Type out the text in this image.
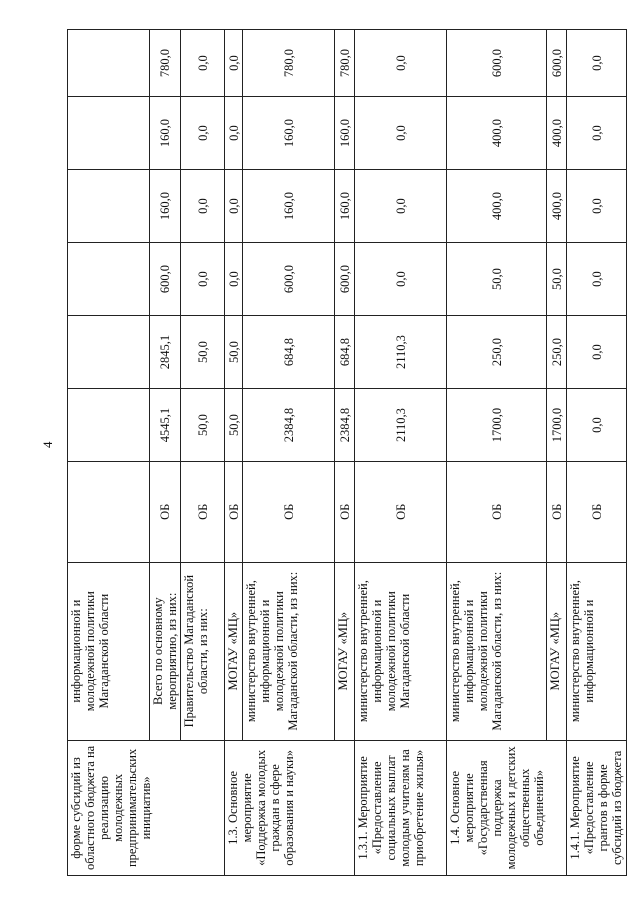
4
форме субсидий из областного бюджета на реализацию молодежных предпринимательских инициатив»	информационной и молодежной политики Магаданской области							
	Всего по основному мероприятию, из них:	ОБ	4545,1	2845,1	600,0	160,0	160,0	780,0
	Правительство Магаданской области, из них:	ОБ	50,0	50,0	0,0	0,0	0,0	0,0
1.3. Основное мероприятие «Поддержка молодых граждан в сфере образования и науки»	МОГАУ «МЦ»	ОБ	50,0	50,0	0,0	0,0	0,0	0,0
	министерство внутренней, информационной и молодежной политики Магаданской области, из них:	ОБ	2384,8	684,8	600,0	160,0	160,0	780,0
	МОГАУ «МЦ»	ОБ	2384,8	684,8	600,0	160,0	160,0	780,0
1.3.1. Мероприятие «Предоставление социальных выплат молодым учителям на приобретение жилья»	министерство внутренней, информационной и молодежной политики Магаданской области	ОБ	2110,3	2110,3	0,0	0,0	0,0	0,0
1.4. Основное мероприятие «Государственная поддержка молодежных и детских общественных объединений»	министерство внутренней, информационной и молодежной политики Магаданской области, из них:	ОБ	1700,0	250,0	50,0	400,0	400,0	600,0
	МОГАУ «МЦ»	ОБ	1700,0	250,0	50,0	400,0	400,0	600,0
1.4.1. Мероприятие «Предоставление грантов в форме субсидий из бюджета	министерство внутренней, информационной и	ОБ	0,0	0,0	0,0	0,0	0,0	0,0
